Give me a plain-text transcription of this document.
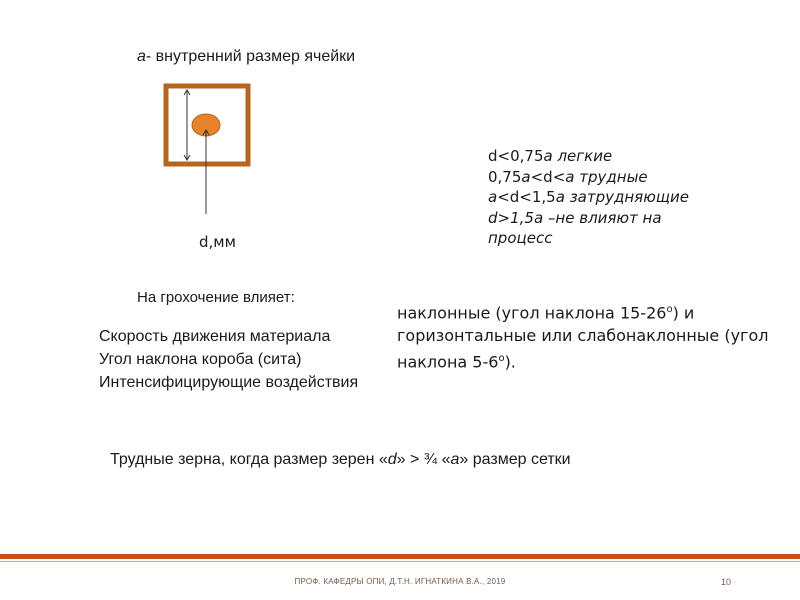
а- внутренний размер ячейки
d,мм
d<0,75a легкие
0,75a<d<a трудные
a<d<1,5a затрудняющие
d>1,5a –не влияют на процесс
На грохочение влияет:
Скорость движения материала
Угол наклона короба (сита)
Интенсифицирующие воздействия
наклонные (угол наклона $15-26^о$) и горизонтальные или слабонаклонные (угол наклона $5-6^о$).
Трудные зерна, когда размер зерен «d» > ¾ «а» размер сетки
ПРОФ. КАФЕДРЫ ОПИ, Д.Т.Н. ИГНАТКИНА В.А., 2019	10
